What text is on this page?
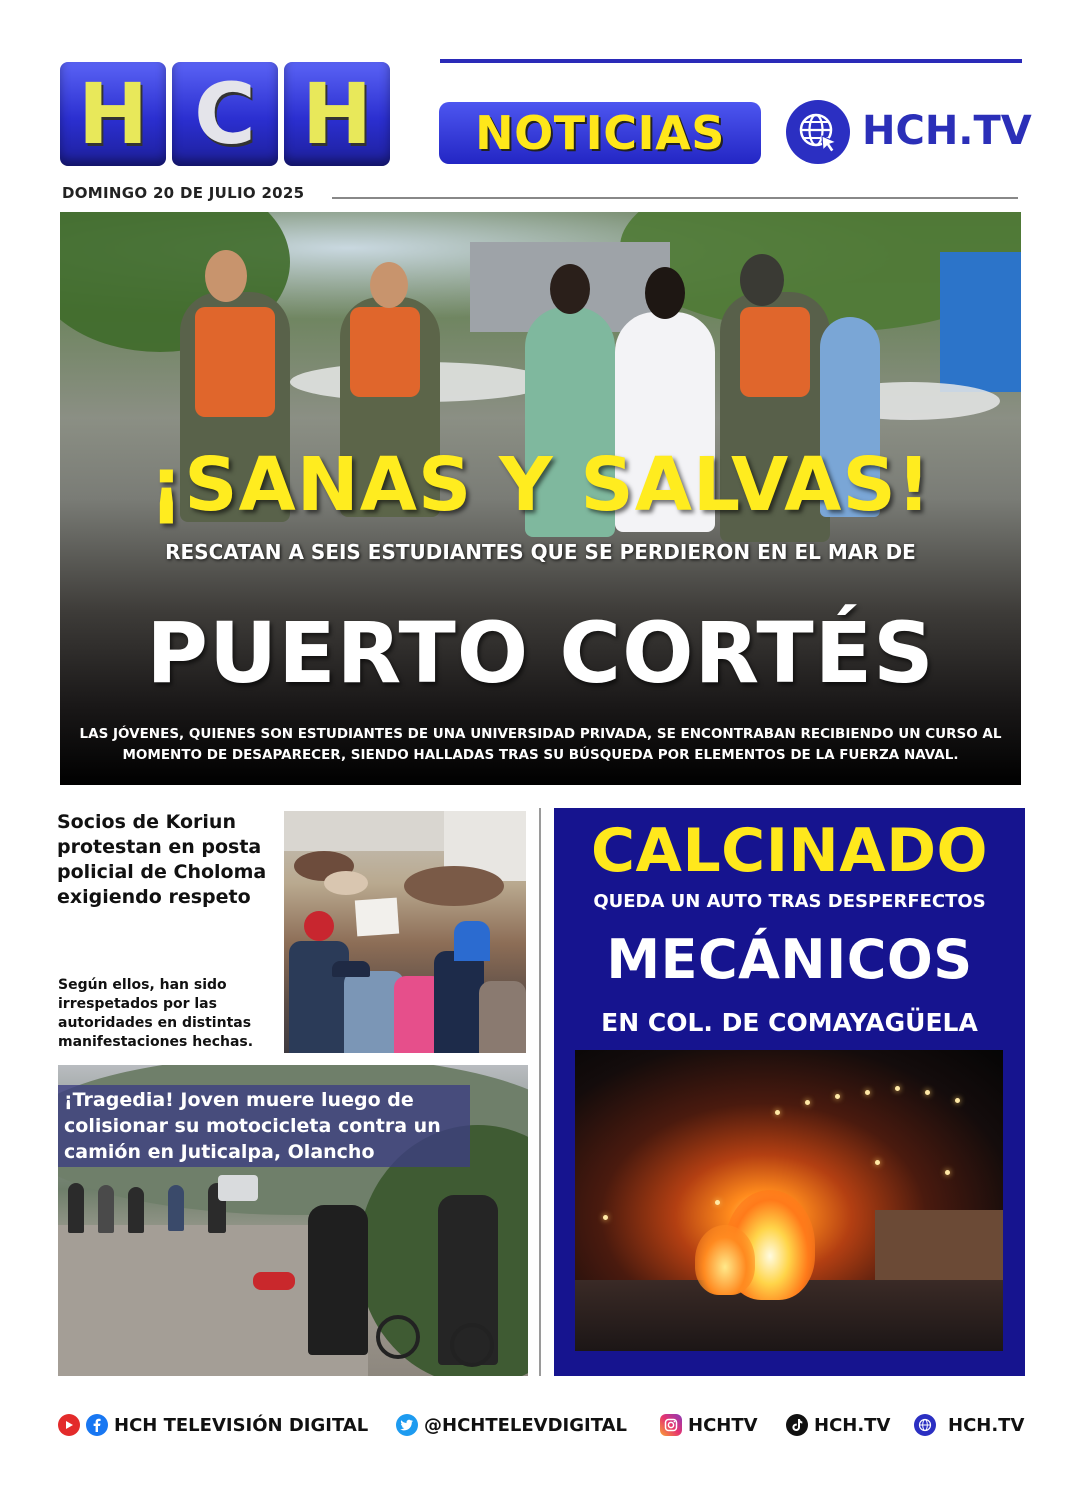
H C H NOTICIAS	HCH.TV
DOMINGO 20 DE JULIO 2025
¡SANAS Y SALVAS!
RESCATAN A SEIS ESTUDIANTES QUE SE PERDIERON EN EL MAR DE
PUERTO CORTÉS
LAS JÓVENES, QUIENES SON ESTUDIANTES DE UNA UNIVERSIDAD PRIVADA, SE ENCONTRABAN RECIBIENDO UN CURSO AL MOMENTO DE DESAPARECER, SIENDO HALLADAS TRAS SU BÚSQUEDA POR ELEMENTOS DE LA FUERZA NAVAL.
Socios de Koriun protestan en posta policial de Choloma exigiendo respeto
Según ellos, han sido irrespetados por las autoridades en distintas manifestaciones hechas.
¡Tragedia! Joven muere luego de colisionar su motocicleta contra un camión en Juticalpa, Olancho
CALCINADO
QUEDA UN AUTO TRAS DESPERFECTOS
MECÁNICOS
EN COL. DE COMAYAGÜELA
HCH TELEVISIÓN DIGITAL	@HCHTELEVDIGITAL	HCHTV	HCH.TV	HCH.TV
